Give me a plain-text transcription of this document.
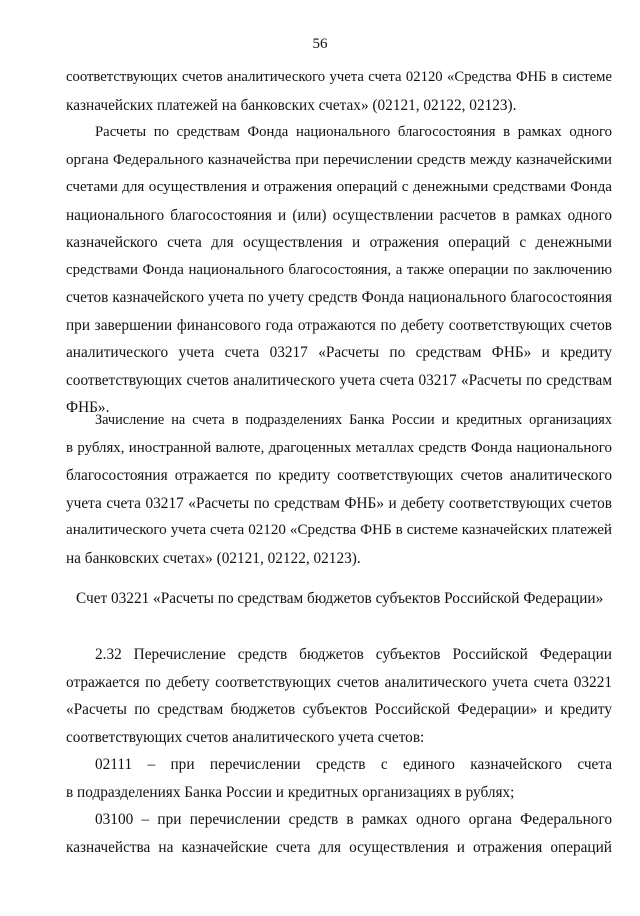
56
соответствующих счетов аналитического учета счета 02120 «Средства ФНБ в системе
казначейских платежей на банковских счетах» (02121, 02122, 02123).
Расчеты по средствам Фонда национального благосостояния в рамках одного
органа Федерального казначейства при перечислении средств между казначейскими
счетами для осуществления и отражения операций с денежными средствами Фонда
национального благосостояния и (или) осуществлении расчетов в рамках одного
казначейского счета для осуществления и отражения операций с денежными
средствами Фонда национального благосостояния, а также операции по заключению
счетов казначейского учета по учету средств Фонда национального благосостояния
при завершении финансового года отражаются по дебету соответствующих счетов
аналитического учета счета 03217 «Расчеты по средствам ФНБ» и кредиту
соответствующих счетов аналитического учета счета 03217 «Расчеты по средствам
ФНБ».
Зачисление на счета в подразделениях Банка России и кредитных организациях
в рублях, иностранной валюте, драгоценных металлах средств Фонда национального
благосостояния отражается по кредиту соответствующих счетов аналитического
учета счета 03217 «Расчеты по средствам ФНБ» и дебету соответствующих счетов
аналитического учета счета 02120 «Средства ФНБ в системе казначейских платежей
на банковских счетах» (02121, 02122, 02123).
Счет 03221 «Расчеты по средствам бюджетов субъектов Российской Федерации»
2.32 Перечисление средств бюджетов субъектов Российской Федерации
отражается по дебету соответствующих счетов аналитического учета счета 03221
«Расчеты по средствам бюджетов субъектов Российской Федерации» и кредиту
соответствующих счетов аналитического учета счетов:
02111 – при перечислении средств с единого казначейского счета
в подразделениях Банка России и кредитных организациях в рублях;
03100 – при перечислении средств в рамках одного органа Федерального
казначейства на казначейские счета для осуществления и отражения операций
